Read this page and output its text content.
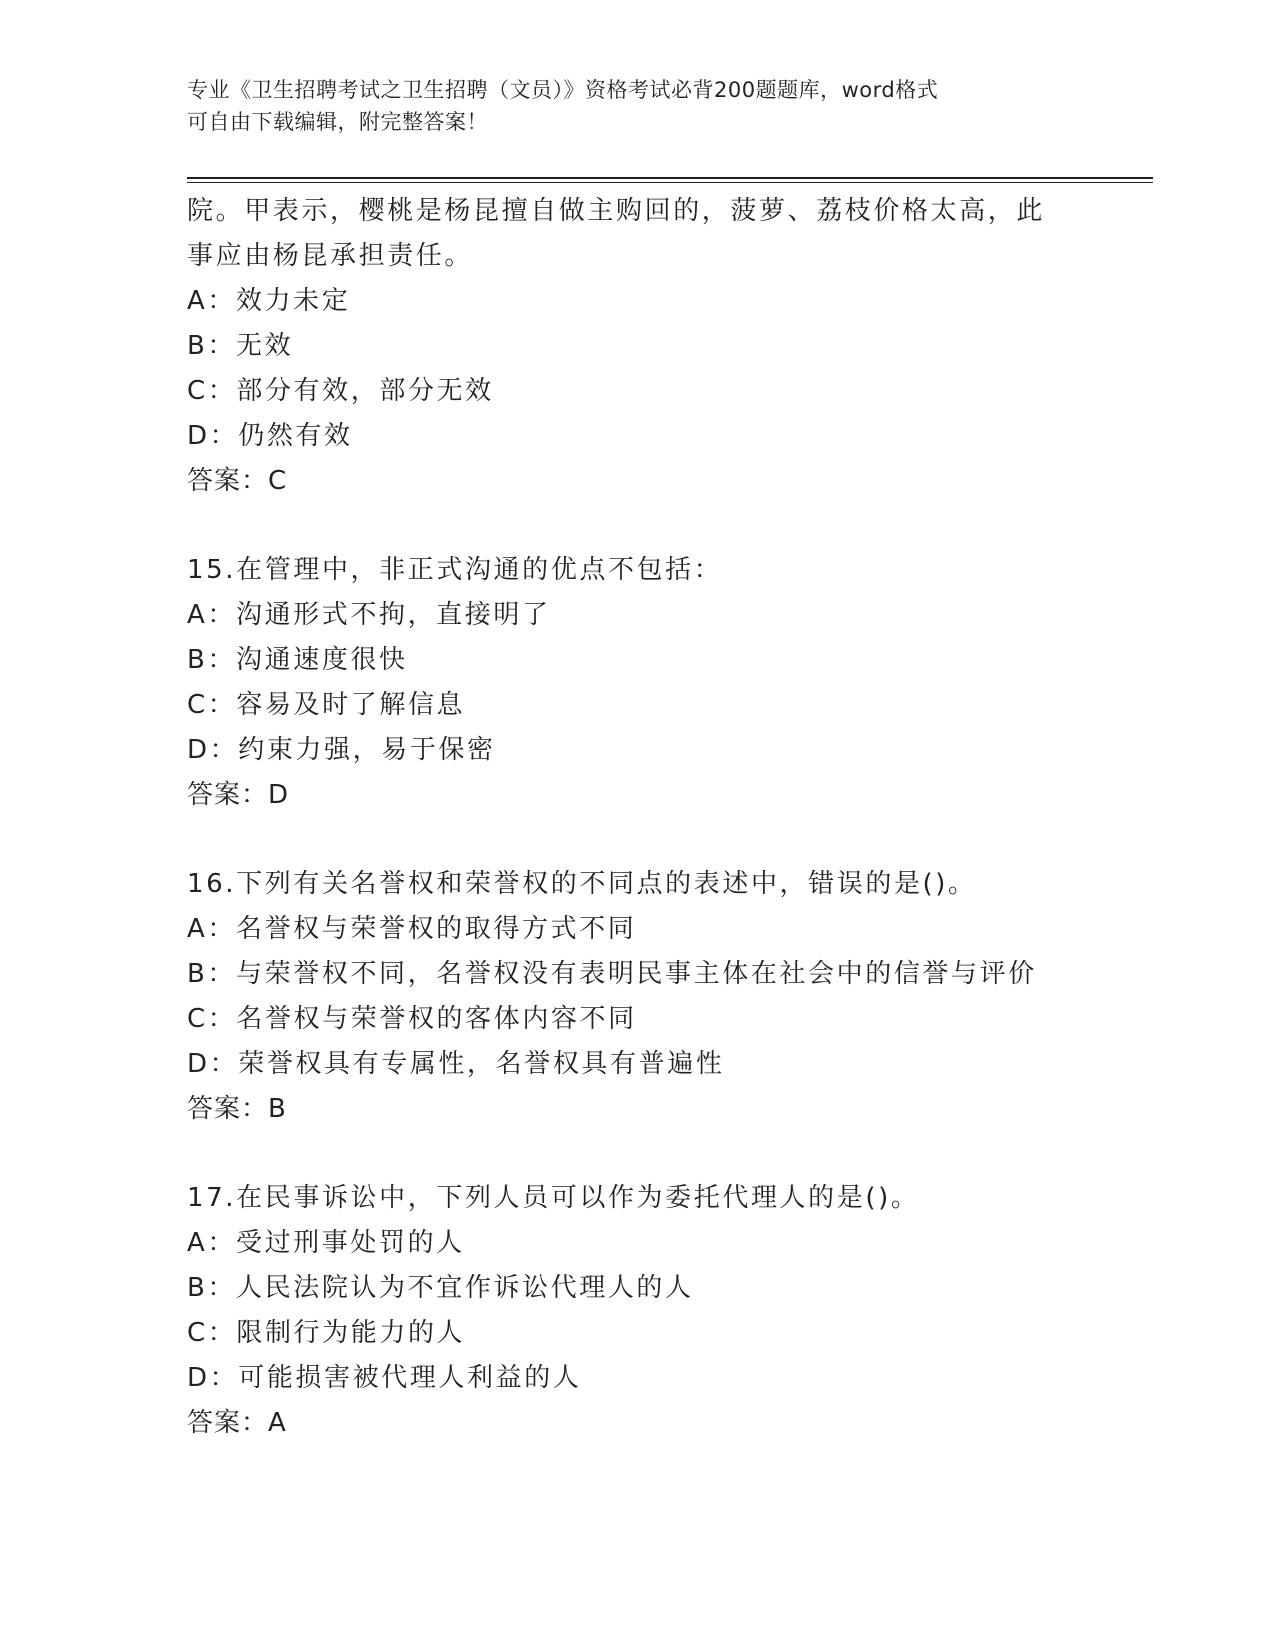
专业《卫生招聘考试之卫生招聘（文员）》资格考试必背200题题库，word格式
可自由下载编辑，附完整答案！
院。甲表示，樱桃是杨昆擅自做主购回的，菠萝、荔枝价格太高，此
事应由杨昆承担责任。
A：效力未定
B：无效
C：部分有效，部分无效
D：仍然有效
答案：C
15.在管理中，非正式沟通的优点不包括：
A：沟通形式不拘，直接明了
B：沟通速度很快
C：容易及时了解信息
D：约束力强，易于保密
答案：D
16.下列有关名誉权和荣誉权的不同点的表述中，错误的是()。
A：名誉权与荣誉权的取得方式不同
B：与荣誉权不同，名誉权没有表明民事主体在社会中的信誉与评价
C：名誉权与荣誉权的客体内容不同
D：荣誉权具有专属性，名誉权具有普遍性
答案：B
17.在民事诉讼中，下列人员可以作为委托代理人的是()。
A：受过刑事处罚的人
B：人民法院认为不宜作诉讼代理人的人
C：限制行为能力的人
D：可能损害被代理人利益的人
答案：A
